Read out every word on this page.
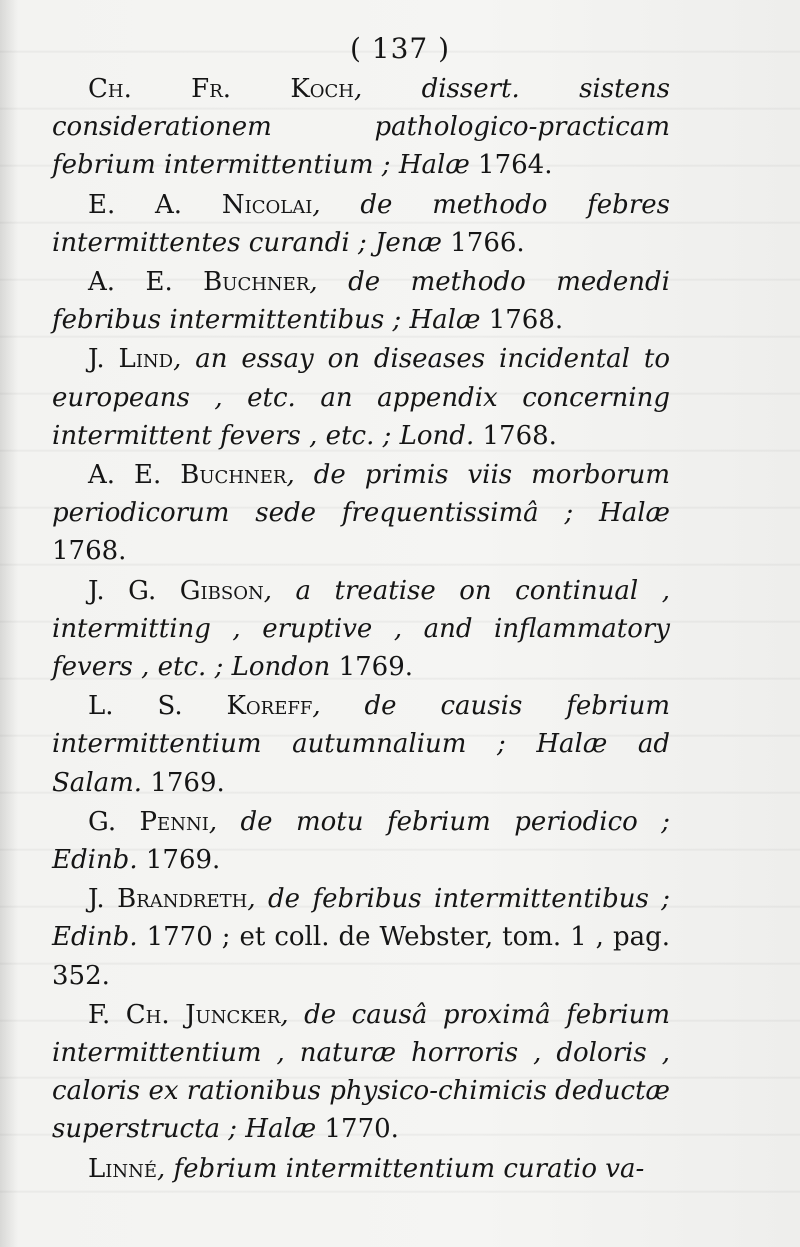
( 137 )

Ch. Fr. Koch, dissert. sistens considerationem pathologico-practicam febrium intermittentium ; Halæ 1764.

E. A. Nicolai, de methodo febres intermittentes curandi ; Jenæ 1766.

A. E. Buchner, de methodo medendi febribus intermittentibus ; Halæ 1768.

J. Lind, an essay on diseases incidental to europeans , etc. an appendix concerning intermittent fevers , etc. ; Lond. 1768.

A. E. Buchner, de primis viis morborum periodicorum sede frequentissimâ ; Halæ 1768.

J. G. Gibson, a treatise on continual , intermitting , eruptive , and inflammatory fevers , etc. ; London 1769.

L. S. Koreff, de causis febrium intermittentium autumnalium ; Halæ ad Salam. 1769.

G. Penni, de motu febrium periodico ; Edinb. 1769.

J. Brandreth, de febribus intermittentibus ; Edinb. 1770 ; et coll. de Webster, tom. 1 , pag. 352.

F. Ch. Juncker, de causâ proximâ febrium intermittentium , naturæ horroris , doloris , caloris ex rationibus physico-chimicis deductæ superstructa ; Halæ 1770.

Linné, febrium intermittentium curatio va-
